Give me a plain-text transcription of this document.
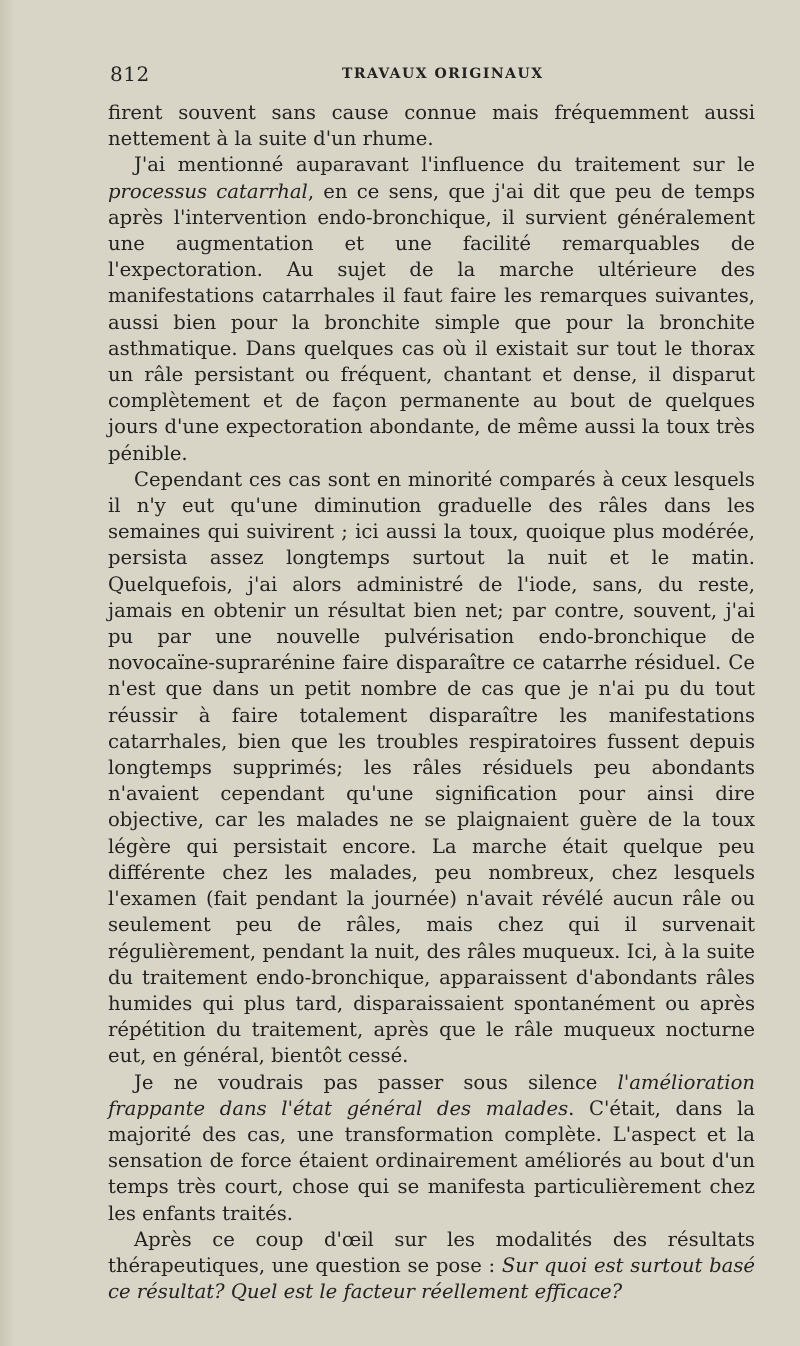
812	TRAVAUX ORIGINAUX

firent souvent sans cause connue mais fréquemment aussi nettement à la suite d'un rhume.

J'ai mentionné auparavant l'influence du traitement sur le processus catarrhal, en ce sens, que j'ai dit que peu de temps après l'intervention endo-bronchique, il survient généralement une augmentation et une facilité remarquables de l'expectoration. Au sujet de la marche ultérieure des manifestations catarrhales il faut faire les remarques suivantes, aussi bien pour la bronchite simple que pour la bronchite asthmatique. Dans quelques cas où il existait sur tout le thorax un râle persistant ou fréquent, chantant et dense, il disparut complètement et de façon permanente au bout de quelques jours d'une expectoration abondante, de même aussi la toux très pénible.

Cependant ces cas sont en minorité comparés à ceux lesquels il n'y eut qu'une diminution graduelle des râles dans les semaines qui suivirent ; ici aussi la toux, quoique plus modérée, persista assez longtemps surtout la nuit et le matin. Quelquefois, j'ai alors administré de l'iode, sans, du reste, jamais en obtenir un résultat bien net; par contre, souvent, j'ai pu par une nouvelle pulvérisation endo-bronchique de novocaïne-suprarénine faire disparaître ce catarrhe résiduel. Ce n'est que dans un petit nombre de cas que je n'ai pu du tout réussir à faire totalement disparaître les manifestations catarrhales, bien que les troubles respiratoires fussent depuis longtemps supprimés; les râles résiduels peu abondants n'avaient cependant qu'une signification pour ainsi dire objective, car les malades ne se plaignaient guère de la toux légère qui persistait encore. La marche était quelque peu différente chez les malades, peu nombreux, chez lesquels l'examen (fait pendant la journée) n'avait révélé aucun râle ou seulement peu de râles, mais chez qui il survenait régulièrement, pendant la nuit, des râles muqueux. Ici, à la suite du traitement endo-bronchique, apparaissent d'abondants râles humides qui plus tard, disparaissaient spontanément ou après répétition du traitement, après que le râle muqueux nocturne eut, en général, bientôt cessé.

Je ne voudrais pas passer sous silence l'amélioration frappante dans l'état général des malades. C'était, dans la majorité des cas, une transformation complète. L'aspect et la sensation de force étaient ordinairement améliorés au bout d'un temps très court, chose qui se manifesta particulièrement chez les enfants traités.

Après ce coup d'œil sur les modalités des résultats thérapeutiques, une question se pose : Sur quoi est surtout basé ce résultat? Quel est le facteur réellement efficace?
